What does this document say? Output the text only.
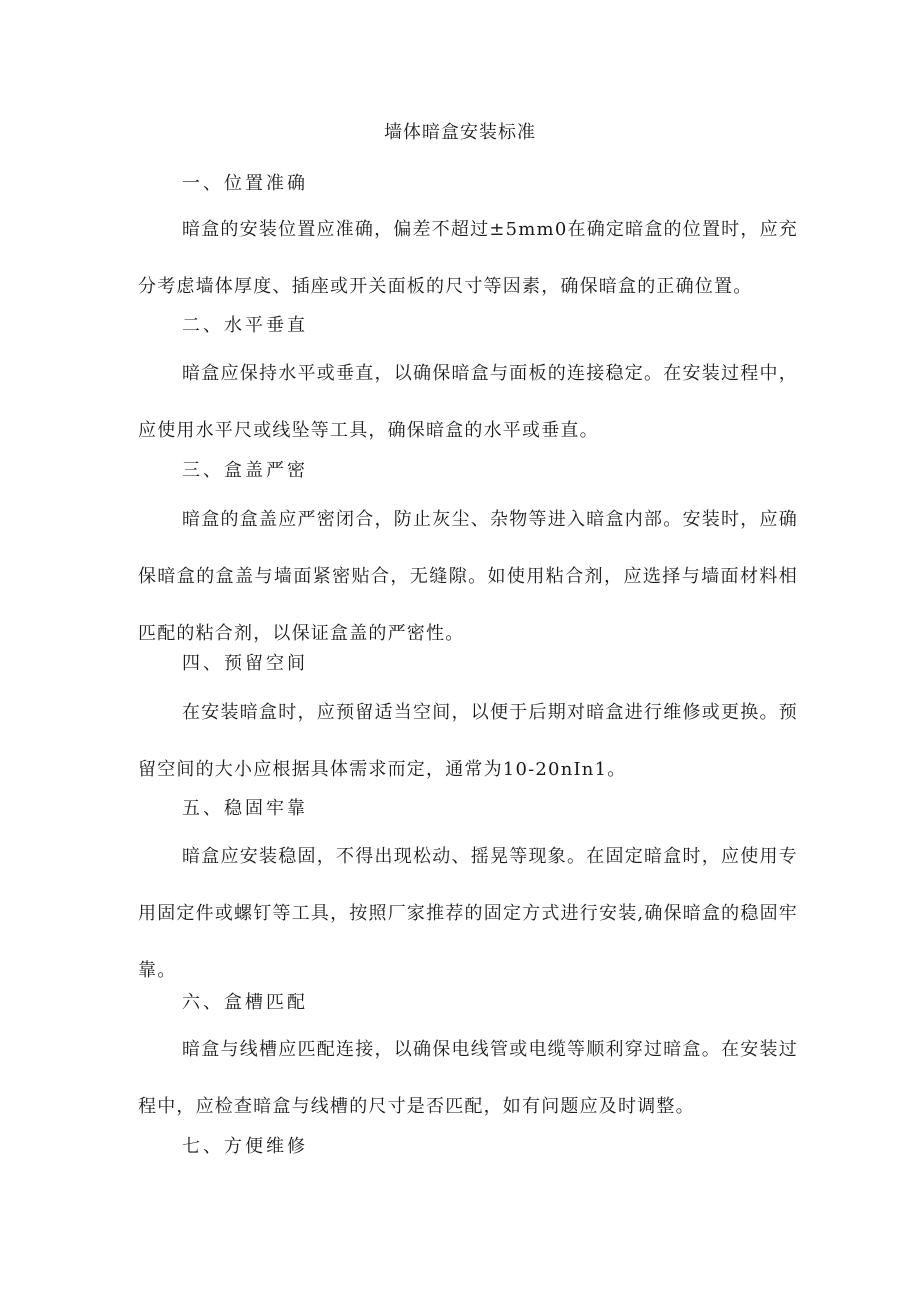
墙体暗盒安装标准
一、位置准确

暗盒的安装位置应准确，偏差不超过±5mm0在确定暗盒的位置时，应充分考虑墙体厚度、插座或开关面板的尺寸等因素，确保暗盒的正确位置。

二、水平垂直

暗盒应保持水平或垂直，以确保暗盒与面板的连接稳定。在安装过程中，应使用水平尺或线坠等工具，确保暗盒的水平或垂直。

三、盒盖严密

暗盒的盒盖应严密闭合，防止灰尘、杂物等进入暗盒内部。安装时，应确保暗盒的盒盖与墙面紧密贴合，无缝隙。如使用粘合剂，应选择与墙面材料相匹配的粘合剂，以保证盒盖的严密性。

四、预留空间

在安装暗盒时，应预留适当空间，以便于后期对暗盒进行维修或更换。预留空间的大小应根据具体需求而定，通常为10-20nIn1。

五、稳固牢靠

暗盒应安装稳固，不得出现松动、摇晃等现象。在固定暗盒时，应使用专用固定件或螺钉等工具，按照厂家推荐的固定方式进行安装,确保暗盒的稳固牢靠。

六、盒槽匹配

暗盒与线槽应匹配连接，以确保电线管或电缆等顺利穿过暗盒。在安装过程中，应检查暗盒与线槽的尺寸是否匹配，如有问题应及时调整。

七、方便维修
